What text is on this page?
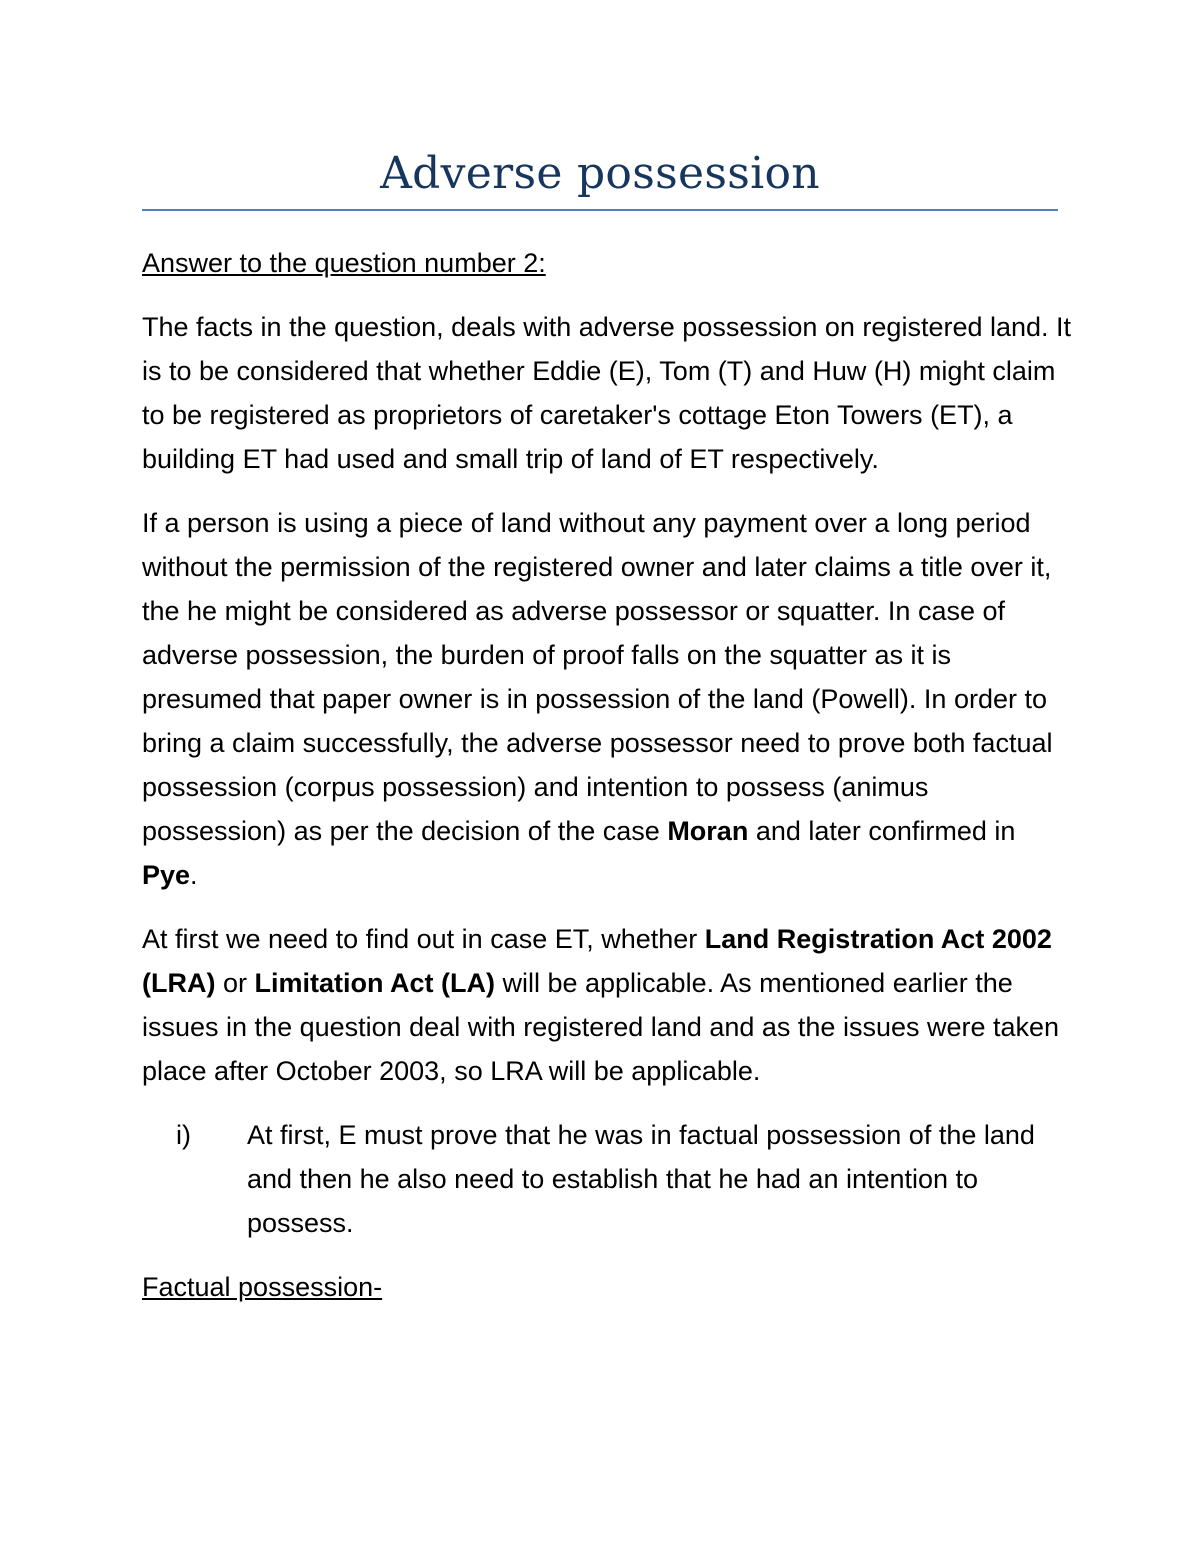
Adverse possession

Answer to the question number 2:

The facts in the question, deals with adverse possession on registered land. It is to be considered that whether Eddie (E), Tom (T) and Huw (H) might claim to be registered as proprietors of caretaker's cottage Eton Towers (ET), a building ET had used and small trip of land of ET respectively.

If a person is using a piece of land without any payment over a long period without the permission of the registered owner and later claims a title over it, the he might be considered as adverse possessor or squatter. In case of adverse possession, the burden of proof falls on the squatter as it is presumed that paper owner is in possession of the land (Powell). In order to bring a claim successfully, the adverse possessor need to prove both factual possession (corpus possession) and intention to possess (animus possession) as per the decision of the case Moran and later confirmed in Pye.

At first we need to find out in case ET, whether Land Registration Act 2002 (LRA) or Limitation Act (LA) will be applicable. As mentioned earlier the issues in the question deal with registered land and as the issues were taken place after October 2003, so LRA will be applicable.

i) At first, E must prove that he was in factual possession of the land and then he also need to establish that he had an intention to possess.

Factual possession-
